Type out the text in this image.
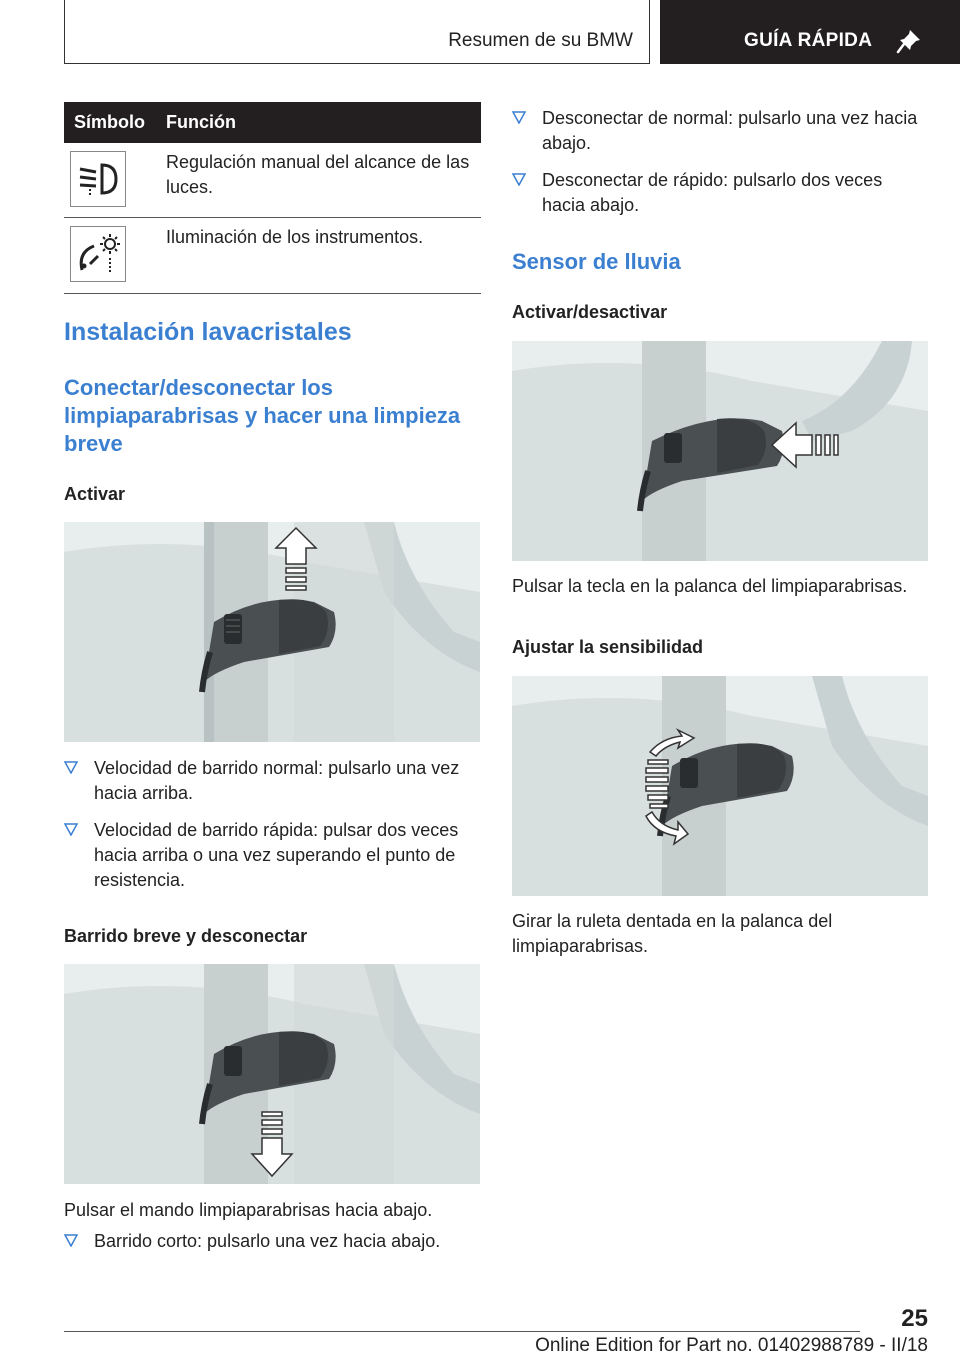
Resumen de su BMW	GUÍA RÁPIDA
Símbolo	Función
Regulación manual del alcance de las luces.
Iluminación de los instrumentos.
Instalación lavacristales
Conectar/desconectar los limpiaparabrisas y hacer una limpieza breve
Activar
Velocidad de barrido normal: pulsarlo una vez hacia arriba.
Velocidad de barrido rápida: pulsar dos veces hacia arriba o una vez superando el punto de resistencia.
Barrido breve y desconectar
Pulsar el mando limpiaparabrisas hacia abajo.
Barrido corto: pulsarlo una vez hacia abajo.
Desconectar de normal: pulsarlo una vez hacia abajo.
Desconectar de rápido: pulsarlo dos veces hacia abajo.
Sensor de lluvia
Activar/desactivar
Pulsar la tecla en la palanca del limpiaparabrisas.
Ajustar la sensibilidad
Girar la ruleta dentada en la palanca del limpiaparabrisas.
25
Online Edition for Part no. 01402988789 - II/18
